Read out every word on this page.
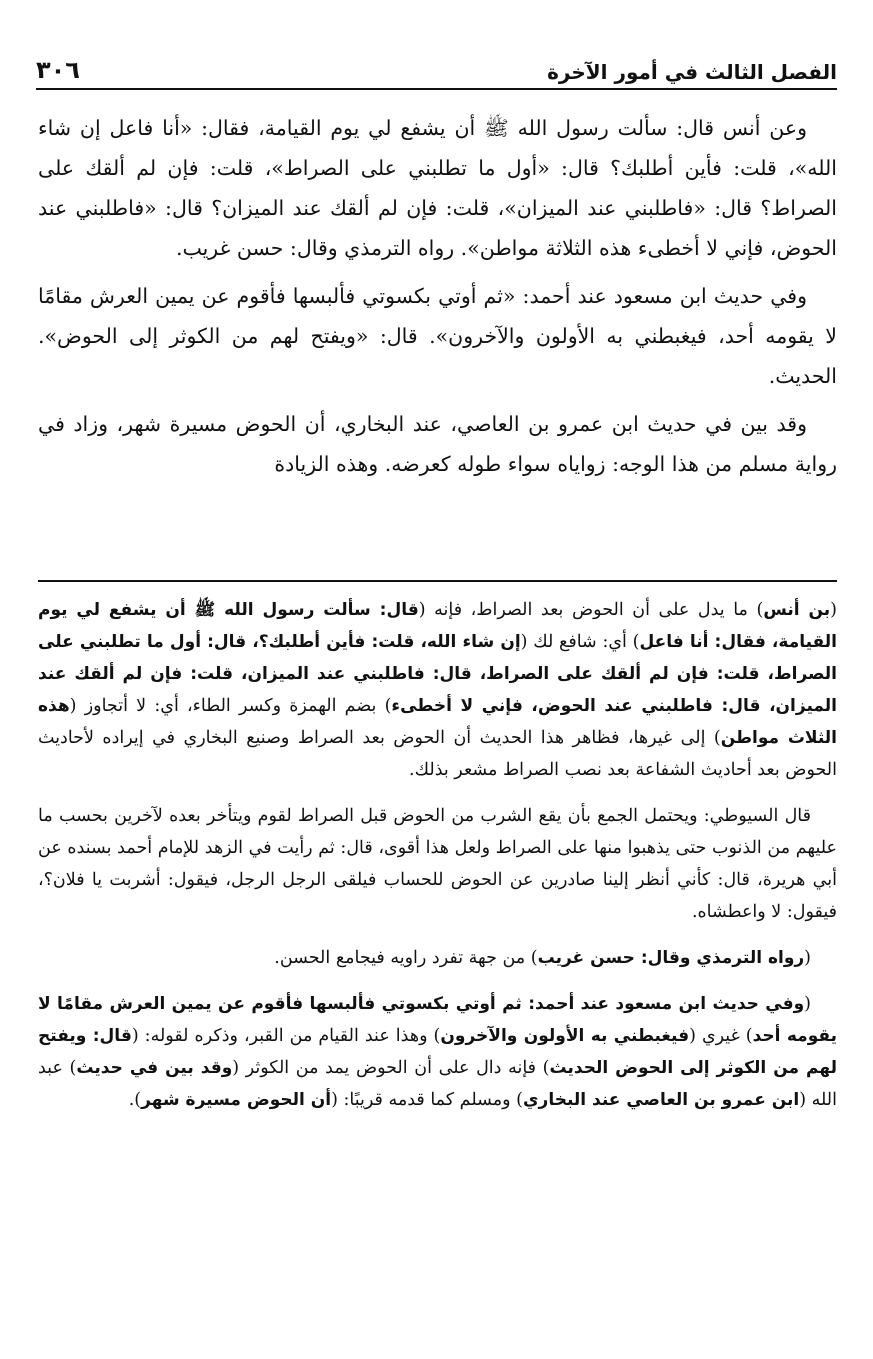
الفصل الثالث في أمور الآخرة
٣٠٦

وعن أنس قال: سألت رسول الله ﷺ أن يشفع لي يوم القيامة، فقال: «أنا فاعل إن شاء الله»، قلت: فأين أطلبك؟ قال: «أول ما تطلبني على الصراط»، قلت: فإن لم ألقك على الصراط؟ قال: «فاطلبني عند الميزان»، قلت: فإن لم ألقك عند الميزان؟ قال: «فاطلبني عند الحوض، فإني لا أخطىء هذه الثلاثة مواطن». رواه الترمذي وقال: حسن غريب.

وفي حديث ابن مسعود عند أحمد: «ثم أوتي بكسوتي فألبسها فأقوم عن يمين العرش مقامًا لا يقومه أحد، فيغبطني به الأولون والآخرون». قال: «ويفتح لهم من الكوثر إلى الحوض». الحديث.

وقد بين في حديث ابن عمرو بن العاصي، عند البخاري، أن الحوض مسيرة شهر، وزاد في رواية مسلم من هذا الوجه: زواياه سواء طوله كعرضه. وهذه الزيادة

(بن أنس) ما يدل على أن الحوض بعد الصراط، فإنه (قال: سألت رسول الله ﷺ أن يشفع لي يوم القيامة، فقال: أنا فاعل) أي: شافع لك (إن شاء الله، قلت: فأين أطلبك؟، قال: أول ما تطلبني على الصراط، قلت: فإن لم ألقك على الصراط، قال: فاطلبني عند الميزان، قلت: فإن لم ألقك عند الميزان، قال: فاطلبني عند الحوض، فإني لا أخطىء) بضم الهمزة وكسر الطاء، أي: لا أتجاوز (هذه الثلاث مواطن) إلى غيرها، فظاهر هذا الحديث أن الحوض بعد الصراط وصنيع البخاري في إيراده لأحاديث الحوض بعد أحاديث الشفاعة بعد نصب الصراط مشعر بذلك.

قال السيوطي: ويحتمل الجمع بأن يقع الشرب من الحوض قبل الصراط لقوم ويتأخر بعده لآخرين بحسب ما عليهم من الذنوب حتى يذهبوا منها على الصراط ولعل هذا أقوى، قال: ثم رأيت في الزهد للإمام أحمد بسنده عن أبي هريرة، قال: كأني أنظر إلينا صادرين عن الحوض للحساب فيلقى الرجل الرجل، فيقول: أشربت يا فلان؟، فيقول: لا واعطشاه.

(رواه الترمذي وقال: حسن غريب) من جهة تفرد راويه فيجامع الحسن.

(وفي حديث ابن مسعود عند أحمد: ثم أوتي بكسوتي فألبسها فأقوم عن يمين العرش مقامًا لا يقومه أحد) غيري (فيغبطني به الأولون والآخرون) وهذا عند القيام من القبر، وذكره لقوله: (قال: ويفتح لهم من الكوثر إلى الحوض الحديث) فإنه دال على أن الحوض يمد من الكوثر (وقد بين في حديث) عبد الله (ابن عمرو بن العاصي عند البخاري) ومسلم كما قدمه قريبًا: (أن الحوض مسيرة شهر).
